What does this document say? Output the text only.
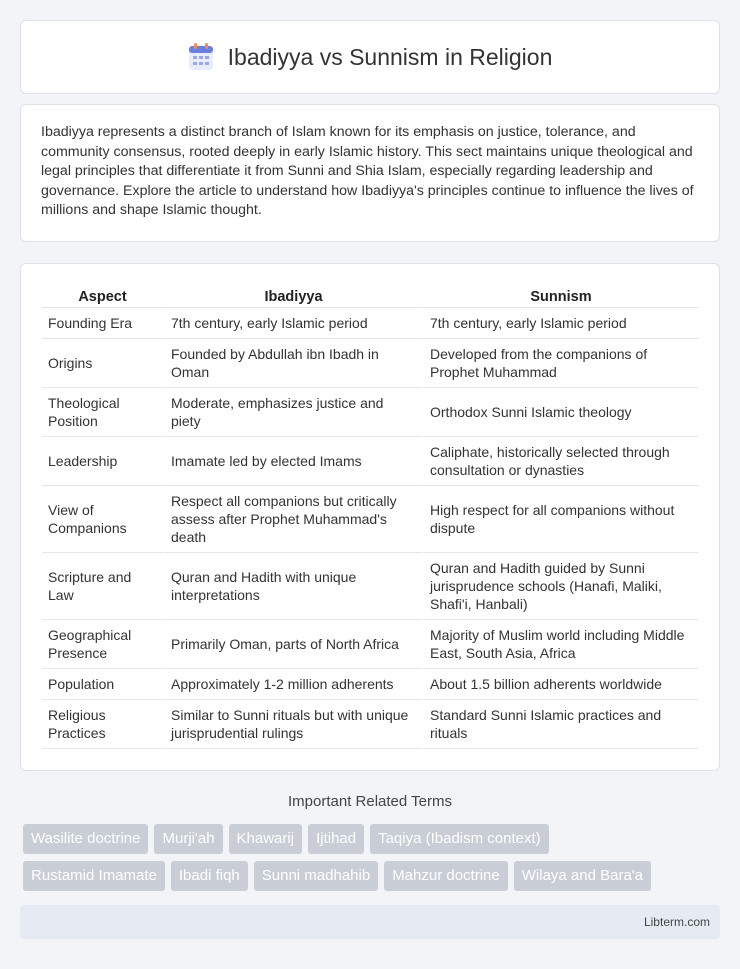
Ibadiyya vs Sunnism in Religion

Ibadiyya represents a distinct branch of Islam known for its emphasis on justice, tolerance, and community consensus, rooted deeply in early Islamic history. This sect maintains unique theological and legal principles that differentiate it from Sunni and Shia Islam, especially regarding leadership and governance. Explore the article to understand how Ibadiyya's principles continue to influence the lives of millions and shape Islamic thought.

Aspect	Ibadiyya	Sunnism
Founding Era	7th century, early Islamic period	7th century, early Islamic period
Origins	Founded by Abdullah ibn Ibadh in Oman	Developed from the companions of Prophet Muhammad
Theological Position	Moderate, emphasizes justice and piety	Orthodox Sunni Islamic theology
Leadership	Imamate led by elected Imams	Caliphate, historically selected through consultation or dynasties
View of Companions	Respect all companions but critically assess after Prophet Muhammad's death	High respect for all companions without dispute
Scripture and Law	Quran and Hadith with unique interpretations	Quran and Hadith guided by Sunni jurisprudence schools (Hanafi, Maliki, Shafi'i, Hanbali)
Geographical Presence	Primarily Oman, parts of North Africa	Majority of Muslim world including Middle East, South Asia, Africa
Population	Approximately 1-2 million adherents	About 1.5 billion adherents worldwide
Religious Practices	Similar to Sunni rituals but with unique jurisprudential rulings	Standard Sunni Islamic practices and rituals
Important Related Terms
Wasilite doctrine	Murji'ah	Khawarij	Ijtihad	Taqiya (Ibadism context)
Rustamid Imamate	Ibadi fiqh	Sunni madhahib	Mahzur doctrine	Wilaya and Bara'a
Libterm.com
